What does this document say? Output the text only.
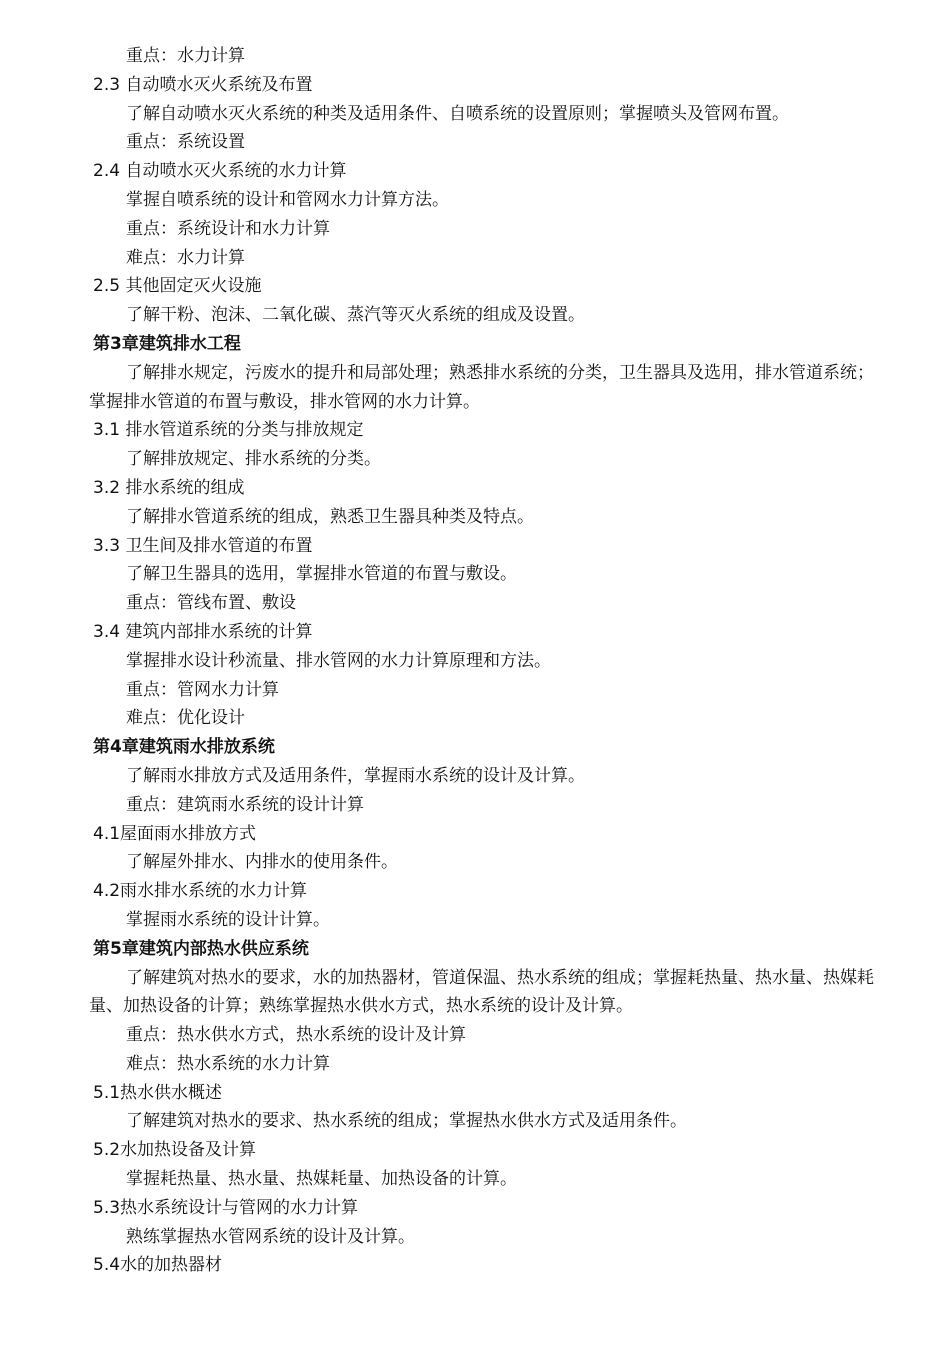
重点：水力计算
2.3 自动喷水灭火系统及布置
了解自动喷水灭火系统的种类及适用条件、自喷系统的设置原则；掌握喷头及管网布置。
重点：系统设置
2.4 自动喷水灭火系统的水力计算
掌握自喷系统的设计和管网水力计算方法。
重点：系统设计和水力计算
难点：水力计算
2.5 其他固定灭火设施
了解干粉、泡沫、二氧化碳、蒸汽等灭火系统的组成及设置。
第3章建筑排水工程
了解排水规定，污废水的提升和局部处理；熟悉排水系统的分类，卫生器具及选用，排水管道系统；掌握排水管道的布置与敷设，排水管网的水力计算。
3.1 排水管道系统的分类与排放规定
了解排放规定、排水系统的分类。
3.2 排水系统的组成
了解排水管道系统的组成，熟悉卫生器具种类及特点。
3.3 卫生间及排水管道的布置
了解卫生器具的选用，掌握排水管道的布置与敷设。
重点：管线布置、敷设
3.4 建筑内部排水系统的计算
掌握排水设计秒流量、排水管网的水力计算原理和方法。
重点：管网水力计算
难点：优化设计
第4章建筑雨水排放系统
了解雨水排放方式及适用条件，掌握雨水系统的设计及计算。
重点：建筑雨水系统的设计计算
4.1屋面雨水排放方式
了解屋外排水、内排水的使用条件。
4.2雨水排水系统的水力计算
掌握雨水系统的设计计算。
第5章建筑内部热水供应系统
了解建筑对热水的要求，水的加热器材，管道保温、热水系统的组成；掌握耗热量、热水量、热媒耗量、加热设备的计算；熟练掌握热水供水方式，热水系统的设计及计算。
重点：热水供水方式，热水系统的设计及计算
难点：热水系统的水力计算
5.1热水供水概述
了解建筑对热水的要求、热水系统的组成；掌握热水供水方式及适用条件。
5.2水加热设备及计算
掌握耗热量、热水量、热媒耗量、加热设备的计算。
5.3热水系统设计与管网的水力计算
熟练掌握热水管网系统的设计及计算。
5.4水的加热器材
